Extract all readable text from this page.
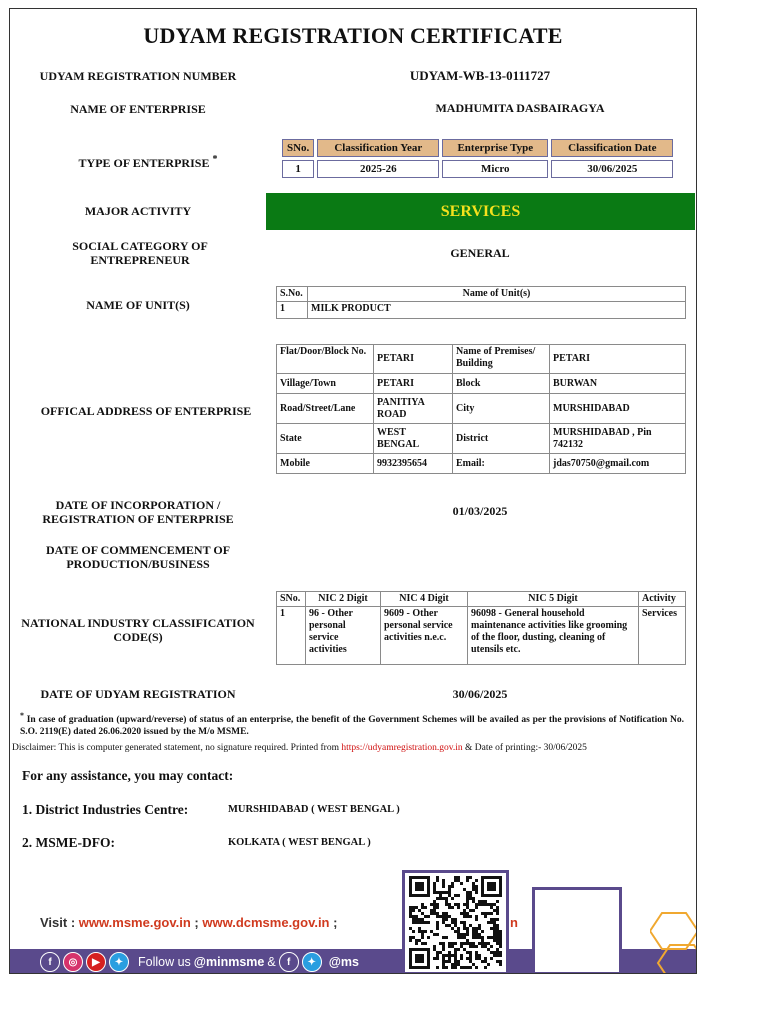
UDYAM REGISTRATION CERTIFICATE
UDYAM REGISTRATION NUMBER	UDYAM-WB-13-0111727
NAME OF ENTERPRISE	MADHUMITA DASBAIRAGYA
TYPE OF ENTERPRISE *
SNo.	Classification Year	Enterprise Type	Classification Date
1	2025-26	Micro	30/06/2025
MAJOR ACTIVITY	SERVICES
SOCIAL CATEGORY OF ENTREPRENEUR	GENERAL
NAME OF UNIT(S)
S.No.	Name of Unit(s)
1	MILK PRODUCT
OFFICAL ADDRESS OF ENTERPRISE
Flat/Door/Block No.	PETARI	Name of Premises/ Building	PETARI
Village/Town	PETARI	Block	BURWAN
Road/Street/Lane	PANITIYA ROAD	City	MURSHIDABAD
State	WEST BENGAL	District	MURSHIDABAD , Pin 742132
Mobile	9932395654	Email:	jdas70750@gmail.com
DATE OF INCORPORATION / REGISTRATION OF ENTERPRISE
01/03/2025
DATE OF COMMENCEMENT OF PRODUCTION/BUSINESS
NATIONAL INDUSTRY CLASSIFICATION CODE(S)
SNo.	NIC 2 Digit	NIC 4 Digit	NIC 5 Digit	Activity
1	96 - Other personal service activities	9609 - Other personal service activities n.e.c.	96098 - General household maintenance activities like grooming of the floor, dusting, cleaning of utensils etc.	Services
DATE OF UDYAM REGISTRATION	30/06/2025
* In case of graduation (upward/reverse) of status of an enterprise, the benefit of the Government Schemes will be availed as per the provisions of Notification No. S.O. 2119(E) dated 26.06.2020 issued by the M/o MSME.
Disclaimer: This is computer generated statement, no signature required. Printed from https://udyamregistration.gov.in & Date of printing:- 30/06/2025
For any assistance, you may contact:
1. District Industries Centre:	MURSHIDABAD ( WEST BENGAL )
2. MSME-DFO:	KOLKATA ( WEST BENGAL )
Visit : www.msme.gov.in ; www.dcmsme.gov.in ;	n
f	◎	▶	✦	Follow us @minmsme &	f	✦	@ms
